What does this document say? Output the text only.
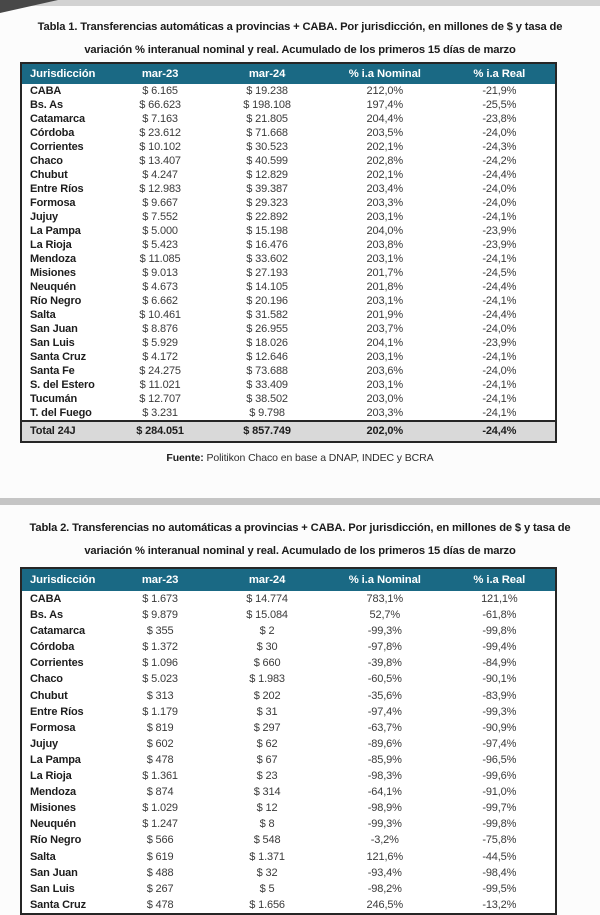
Tabla 1. Transferencias automáticas a provincias + CABA. Por jurisdicción, en millones de $ y tasa de
variación % interanual nominal y real. Acumulado de los primeros 15 días de marzo
Jurisdicción	mar-23	mar-24	% i.a Nominal	% i.a Real
CABA	$ 6.165	$ 19.238	212,0%	-21,9%
Bs. As	$ 66.623	$ 198.108	197,4%	-25,5%
Catamarca	$ 7.163	$ 21.805	204,4%	-23,8%
Córdoba	$ 23.612	$ 71.668	203,5%	-24,0%
Corrientes	$ 10.102	$ 30.523	202,1%	-24,3%
Chaco	$ 13.407	$ 40.599	202,8%	-24,2%
Chubut	$ 4.247	$ 12.829	202,1%	-24,4%
Entre Ríos	$ 12.983	$ 39.387	203,4%	-24,0%
Formosa	$ 9.667	$ 29.323	203,3%	-24,0%
Jujuy	$ 7.552	$ 22.892	203,1%	-24,1%
La Pampa	$ 5.000	$ 15.198	204,0%	-23,9%
La Rioja	$ 5.423	$ 16.476	203,8%	-23,9%
Mendoza	$ 11.085	$ 33.602	203,1%	-24,1%
Misiones	$ 9.013	$ 27.193	201,7%	-24,5%
Neuquén	$ 4.673	$ 14.105	201,8%	-24,4%
Río Negro	$ 6.662	$ 20.196	203,1%	-24,1%
Salta	$ 10.461	$ 31.582	201,9%	-24,4%
San Juan	$ 8.876	$ 26.955	203,7%	-24,0%
San Luis	$ 5.929	$ 18.026	204,1%	-23,9%
Santa Cruz	$ 4.172	$ 12.646	203,1%	-24,1%
Santa Fe	$ 24.275	$ 73.688	203,6%	-24,0%
S. del Estero	$ 11.021	$ 33.409	203,1%	-24,1%
Tucumán	$ 12.707	$ 38.502	203,0%	-24,1%
T. del Fuego	$ 3.231	$ 9.798	203,3%	-24,1%
Total 24J	$ 284.051	$ 857.749	202,0%	-24,4%

Fuente: Politikon Chaco en base a DNAP, INDEC y BCRA

Tabla 2. Transferencias no automáticas a provincias + CABA. Por jurisdicción, en millones de $ y tasa de
variación % interanual nominal y real. Acumulado de los primeros 15 días de marzo
Jurisdicción	mar-23	mar-24	% i.a Nominal	% i.a Real
CABA	$ 1.673	$ 14.774	783,1%	121,1%
Bs. As	$ 9.879	$ 15.084	52,7%	-61,8%
Catamarca	$ 355	$ 2	-99,3%	-99,8%
Córdoba	$ 1.372	$ 30	-97,8%	-99,4%
Corrientes	$ 1.096	$ 660	-39,8%	-84,9%
Chaco	$ 5.023	$ 1.983	-60,5%	-90,1%
Chubut	$ 313	$ 202	-35,6%	-83,9%
Entre Ríos	$ 1.179	$ 31	-97,4%	-99,3%
Formosa	$ 819	$ 297	-63,7%	-90,9%
Jujuy	$ 602	$ 62	-89,6%	-97,4%
La Pampa	$ 478	$ 67	-85,9%	-96,5%
La Rioja	$ 1.361	$ 23	-98,3%	-99,6%
Mendoza	$ 874	$ 314	-64,1%	-91,0%
Misiones	$ 1.029	$ 12	-98,9%	-99,7%
Neuquén	$ 1.247	$ 8	-99,3%	-99,8%
Río Negro	$ 566	$ 548	-3,2%	-75,8%
Salta	$ 619	$ 1.371	121,6%	-44,5%
San Juan	$ 488	$ 32	-93,4%	-98,4%
San Luis	$ 267	$ 5	-98,2%	-99,5%
Santa Cruz	$ 478	$ 1.656	246,5%	-13,2%
